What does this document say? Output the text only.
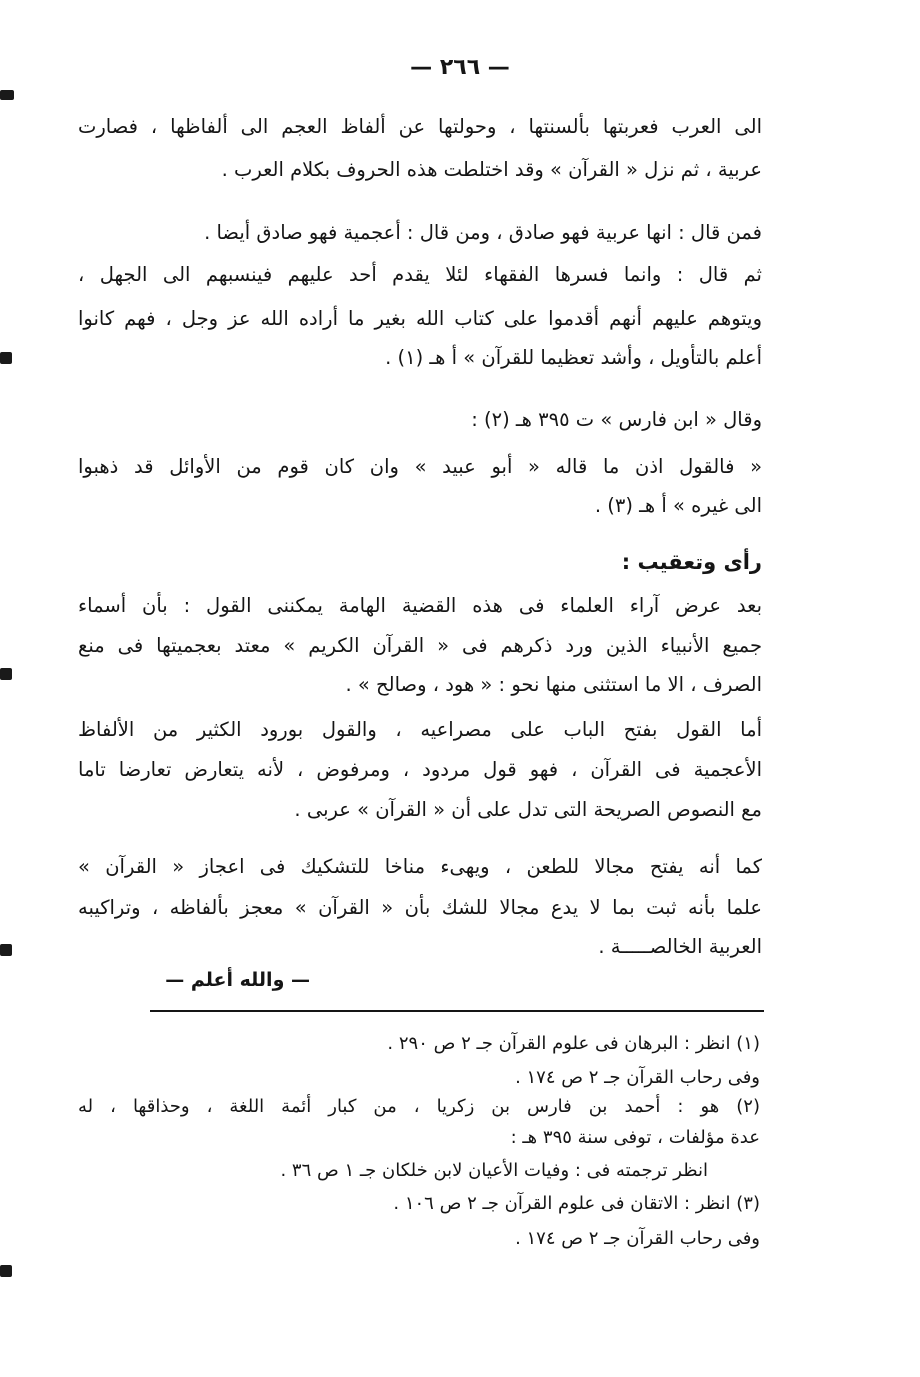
— ٢٦٦ —
الى العرب فعربتها بألسنتها ، وحولتها عن ألفاظ العجم الى ألفاظها ، فصارت
عربية ، ثم نزل « القرآن » وقد اختلطت هذه الحروف بكلام العرب .
فمن قال : انها عربية فهو صادق ، ومن قال : أعجمية فهو صادق أيضا .
ثم قال : وانما فسرها الفقهاء لئلا يقدم أحد عليهم فينسبهم الى الجهل ،
ويتوهم عليهم أنهم أقدموا على كتاب الله بغير ما أراده الله عز وجل ، فهم كانوا
أعلم بالتأويل ، وأشد تعظيما للقرآن » أ هـ (١) .
وقال « ابن فارس » ت ٣٩٥ هـ (٢) :
« فالقول اذن ما قاله « أبو عبيد » وان كان قوم من الأوائل قد ذهبوا
الى غيره » أ هـ (٣) .
رأى وتعقيب :
بعد عرض آراء العلماء فى هذه القضية الهامة يمكننى القول : بأن أسماء
جميع الأنبياء الذين ورد ذكرهم فى « القرآن الكريم » معتد بعجميتها فى منع
الصرف ، الا ما استثنى منها نحو : « هود ، وصالح » .
أما القول بفتح الباب على مصراعيه ، والقول بورود الكثير من الألفاظ
الأعجمية فى القرآن ، فهو قول مردود ، ومرفوض ، لأنه يتعارض تعارضا تاما
مع النصوص الصريحة التى تدل على أن « القرآن » عربى .
كما أنه يفتح مجالا للطعن ، ويهىء مناخا للتشكيك فى اعجاز « القرآن »
علما بأنه ثبت بما لا يدع مجالا للشك بأن « القرآن » معجز بألفاظه ، وتراكيبه
العربية الخالصـــــة .
— والله أعلم —
(١) انظر : البرهان فى علوم القرآن جـ ٢ ص ٢٩٠ .
وفى رحاب القرآن جـ ٢ ص ١٧٤ .
(٢) هو : أحمد بن فارس بن زكريا ، من كبار أئمة اللغة ، وحذاقها ، له
عدة مؤلفات ، توفى سنة ٣٩٥ هـ :
انظر ترجمته فى : وفيات الأعيان لابن خلكان جـ ١ ص ٣٦ .
(٣) انظر : الاتقان فى علوم القرآن جـ ٢ ص ١٠٦ .
وفى رحاب القرآن جـ ٢ ص ١٧٤ .
